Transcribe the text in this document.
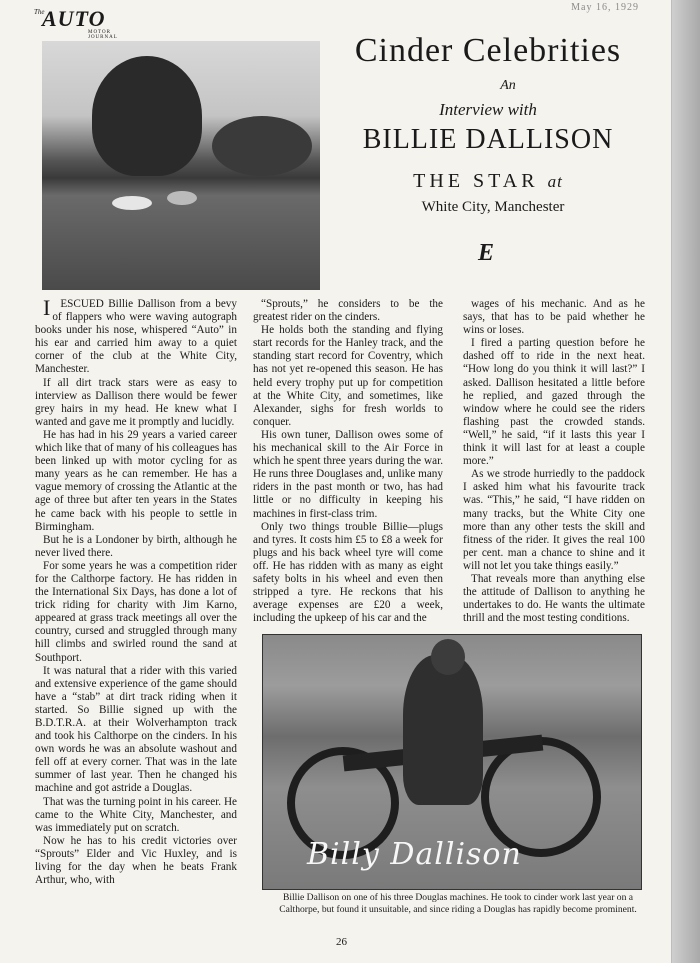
The
AUTO
MOTOR JOURNAL
May 16, 1929
Cinder Celebrities
An
Interview with
BILLIE DALLISON
THE STAR at
White City, Manchester
E

IESCUED Billie Dallison from a bevy of flappers who were waving autograph books under his nose, whispered “Auto” in his ear and carried him away to a quiet corner of the club at the White City, Manchester.

If all dirt track stars were as easy to interview as Dallison there would be fewer grey hairs in my head. He knew what I wanted and gave me it promptly and lucidly.

He has had in his 29 years a varied career which like that of many of his colleagues has been linked up with motor cycling for as many years as he can remember. He has a vague memory of crossing the Atlantic at the age of three but after ten years in the States he came back with his people to settle in Birmingham.

But he is a Londoner by birth, although he never lived there.

For some years he was a competition rider for the Calthorpe factory. He has ridden in the International Six Days, has done a lot of trick riding for charity with Jim Karno, appeared at grass track meetings all over the country, cursed and struggled through many hill climbs and swirled round the sand at Southport.

It was natural that a rider with this varied and extensive experience of the game should have a “stab” at dirt track riding when it started. So Billie signed up with the B.D.T.R.A. at their Wolverhampton track and took his Calthorpe on the cinders. In his own words he was an absolute washout and fell off at every corner. That was in the late summer of last year. Then he changed his machine and got astride a Douglas.

That was the turning point in his career. He came to the White City, Manchester, and was immediately put on scratch.

Now he has to his credit victories over “Sprouts” Elder and Vic Huxley, and is living for the day when he beats Frank Arthur, who, with

“Sprouts,” he considers to be the greatest rider on the cinders.

He holds both the standing and flying start records for the Hanley track, and the standing start record for Coventry, which has not yet re-opened this season. He has held every trophy put up for competition at the White City, and sometimes, like Alexander, sighs for fresh worlds to conquer.

His own tuner, Dallison owes some of his mechanical skill to the Air Force in which he spent three years during the war. He runs three Douglases and, unlike many riders in the past month or two, has had little or no difficulty in keeping his machines in first-class trim.

Only two things trouble Billie—plugs and tyres. It costs him £5 to £8 a week for plugs and his back wheel tyre will come off. He has ridden with as many as eight safety bolts in his wheel and even then stripped a tyre. He reckons that his average expenses are £20 a week, including the upkeep of his car and the

wages of his mechanic. And as he says, that has to be paid whether he wins or loses.

I fired a parting question before he dashed off to ride in the next heat. “How long do you think it will last?” I asked. Dallison hesitated a little before he replied, and gazed through the window where he could see the riders flashing past the crowded stands. “Well,” he said, “if it lasts this year I think it will last for at least a couple more.”

As we strode hurriedly to the paddock I asked him what his favourite track was. “This,” he said, “I have ridden on many tracks, but the White City one more than any other tests the skill and fitness of the rider. It gives the real 100 per cent. man a chance to shine and it will not let you take things easily.”

That reveals more than anything else the attitude of Dallison to anything he undertakes to do. He wants the ultimate thrill and the most testing conditions.

Billy Dallison
Billie Dallison on one of his three Douglas machines. He took to cinder work last year on a Calthorpe, but found it unsuitable, and since riding a Douglas has rapidly become prominent.
26
